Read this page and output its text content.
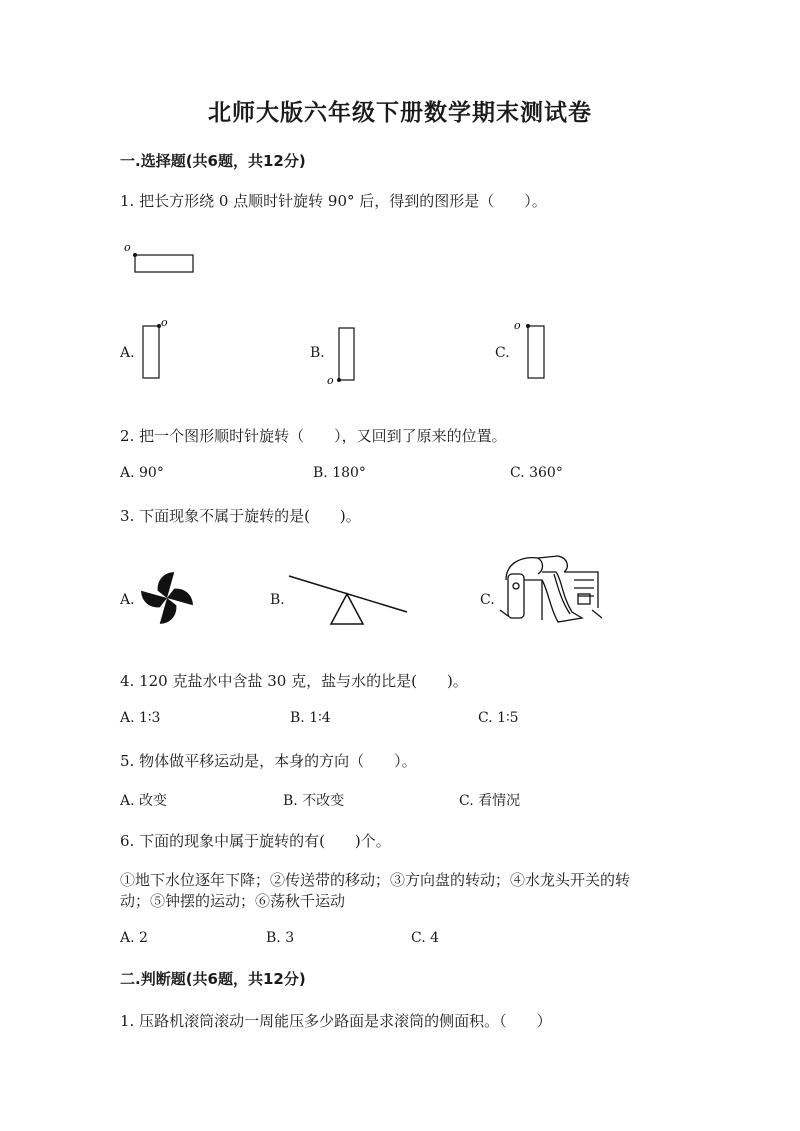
北师大版六年级下册数学期末测试卷
一.选择题(共6题，共12分)
1. 把长方形绕 0 点顺时针旋转 90° 后，得到的图形是（　　）。
o
A.
o
B.
o
C.
o
2. 把一个图形顺时针旋转（　　），又回到了原来的位置。
A. 90°	B. 180°	C. 360°
3. 下面现象不属于旋转的是(　　)。
A.	B.	C.
4. 120 克盐水中含盐 30 克，盐与水的比是(　　)。
A. 1∶3	B. 1∶4	C. 1∶5
5. 物体做平移运动是，本身的方向（　　）。
A. 改变	B. 不改变	C. 看情况
6. 下面的现象中属于旋转的有(　　)个。
①地下水位逐年下降；②传送带的移动；③方向盘的转动；④水龙头开关的转
动；⑤钟摆的运动；⑥荡秋千运动
A. 2	B. 3	C. 4
二.判断题(共6题，共12分)
1. 压路机滚筒滚动一周能压多少路面是求滚筒的侧面积。（　　）
